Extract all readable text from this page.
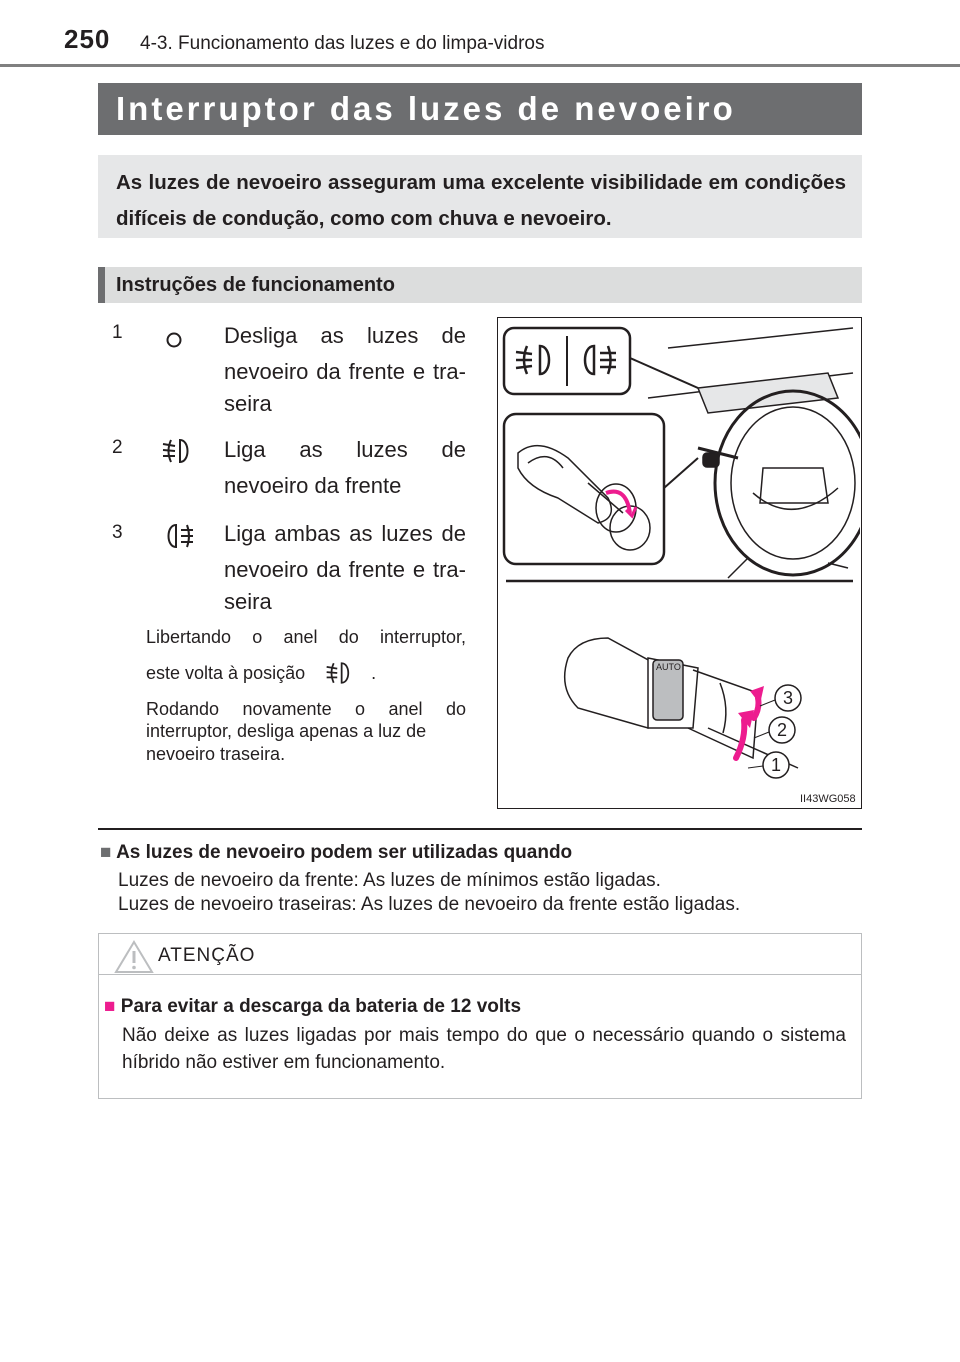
250 4-3. Funcionamento das luzes e do limpa-vidros
Interruptor das luzes de nevoeiro
As luzes de nevoeiro asseguram uma excelente visibilidade em condições difíceis de condução, como com chuva e nevoeiro.
Instruções de funcionamento
1	Desliga as luzes de
nevoeiro da frente e tra-
seira
2	Liga as luzes de
nevoeiro da frente
3	Liga ambas as luzes de
nevoeiro da frente e tra-
seira
Libertando o anel do interruptor,
este volta à posição	.
Rodando novamente o anel do
interruptor, desliga apenas a luz de
nevoeiro traseira.
AUTO
3
2
1
II43WG058
■ As luzes de nevoeiro podem ser utilizadas quando
Luzes de nevoeiro da frente: As luzes de mínimos estão ligadas.
Luzes de nevoeiro traseiras: As luzes de nevoeiro da frente estão ligadas.
ATENÇÃO
■ Para evitar a descarga da bateria de 12 volts
Não deixe as luzes ligadas por mais tempo do que o necessário quando o sistema híbrido não estiver em funcionamento.
